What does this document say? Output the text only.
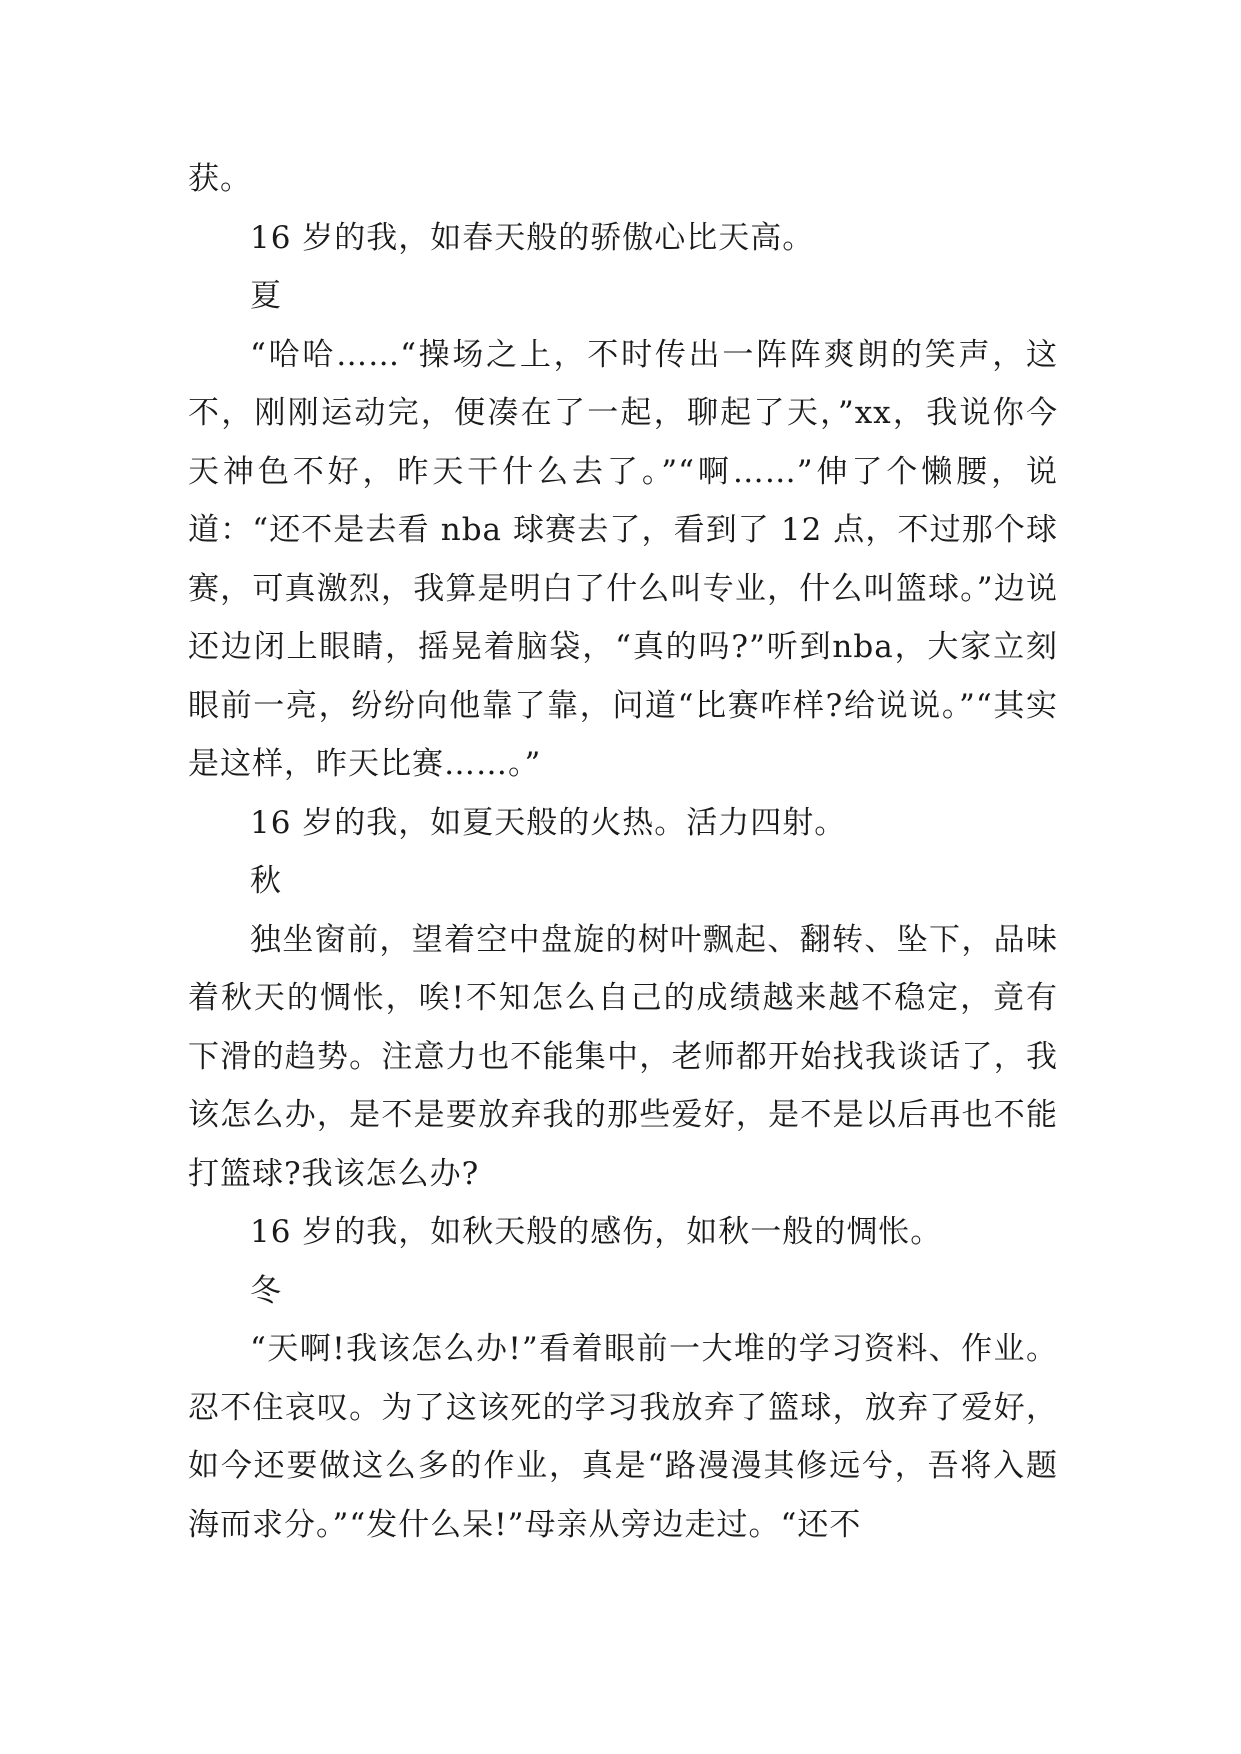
获。

16 岁的我，如春天般的骄傲心比天高。

夏

“哈哈……“操场之上，不时传出一阵阵爽朗的笑声，这不，刚刚运动完，便凑在了一起，聊起了天，”xx，我说你今天神色不好，昨天干什么去了。”“啊……”伸了个懒腰，说道：“还不是去看 nba 球赛去了，看到了 12 点，不过那个球赛，可真激烈，我算是明白了什么叫专业，什么叫篮球。”边说还边闭上眼睛，摇晃着脑袋，“真的吗?”听到nba，大家立刻眼前一亮，纷纷向他靠了靠，问道“比赛咋样?给说说。”“其实是这样，昨天比赛……。”

16 岁的我，如夏天般的火热。活力四射。

秋

独坐窗前，望着空中盘旋的树叶飘起、翻转、坠下，品味着秋天的惆怅，唉!不知怎么自己的成绩越来越不稳定，竟有下滑的趋势。注意力也不能集中，老师都开始找我谈话了，我该怎么办，是不是要放弃我的那些爱好，是不是以后再也不能打篮球?我该怎么办?

16 岁的我，如秋天般的感伤，如秋一般的惆怅。

冬

“天啊!我该怎么办!”看着眼前一大堆的学习资料、作业。忍不住哀叹。为了这该死的学习我放弃了篮球，放弃了爱好，如今还要做这么多的作业，真是“路漫漫其修远兮，吾将入题海而求分。”“发什么呆!”母亲从旁边走过。“还不
